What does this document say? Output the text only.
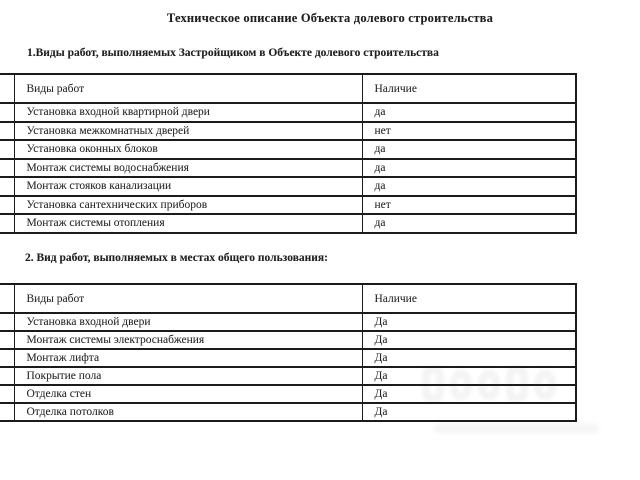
Техническое описание Объекта долевого строительства
1.Виды работ, выполняемых Застройщиком в Объекте долевого строительства
	Виды работ	Наличие
	Установка входной квартирной двери	да
	Установка межкомнатных дверей	нет
	Установка оконных блоков	да
	Монтаж системы водоснабжения	да
	Монтаж стояков канализации	да
	Установка сантехнических приборов	нет
	Монтаж системы отопления	да
2. Вид работ, выполняемых в местах общего пользования:
	Виды работ	Наличие
	Установка входной двери	Да
	Монтаж системы электроснабжения	Да
	Монтаж лифта	Да
	Покрытие пола	Да
	Отделка стен	Да
	Отделка потолков	Да
